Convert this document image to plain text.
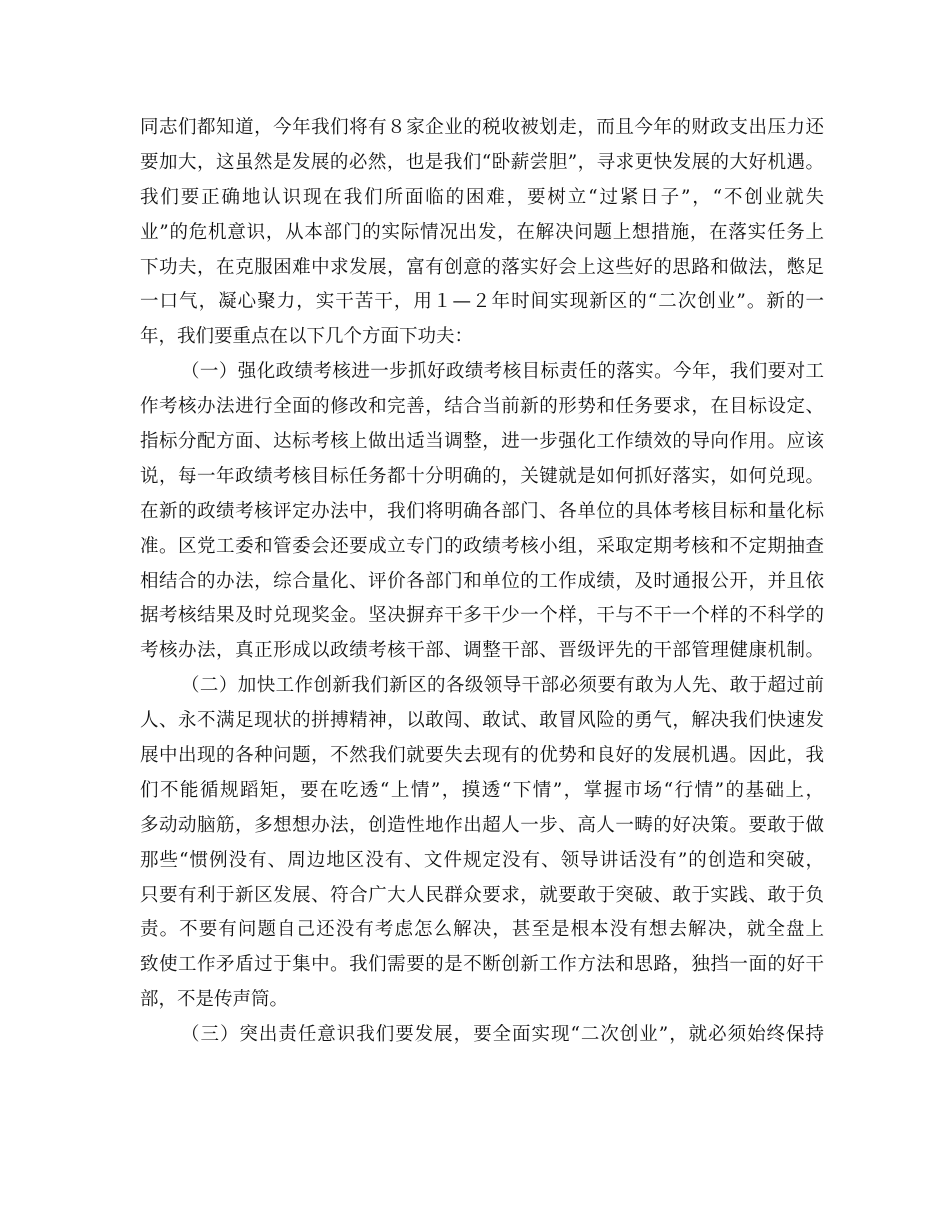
同志们都知道，今年我们将有８家企业的税收被划走，而且今年的财政支出压力还
要加大，这虽然是发展的必然，也是我们“卧薪尝胆”，寻求更快发展的大好机遇。
我们要正确地认识现在我们所面临的困难，要树立“过紧日子”，“不创业就失
业”的危机意识，从本部门的实际情况出发，在解决问题上想措施，在落实任务上
下功夫，在克服困难中求发展，富有创意的落实好会上这些好的思路和做法，憋足
一口气，凝心聚力，实干苦干，用１—２年时间实现新区的“二次创业”。新的一
年，我们要重点在以下几个方面下功夫：
（一）强化政绩考核进一步抓好政绩考核目标责任的落实。今年，我们要对工
作考核办法进行全面的修改和完善，结合当前新的形势和任务要求，在目标设定、
指标分配方面、达标考核上做出适当调整，进一步强化工作绩效的导向作用。应该
说，每一年政绩考核目标任务都十分明确的，关键就是如何抓好落实，如何兑现。
在新的政绩考核评定办法中，我们将明确各部门、各单位的具体考核目标和量化标
准。区党工委和管委会还要成立专门的政绩考核小组，采取定期考核和不定期抽查
相结合的办法，综合量化、评价各部门和单位的工作成绩，及时通报公开，并且依
据考核结果及时兑现奖金。坚决摒弃干多干少一个样，干与不干一个样的不科学的
考核办法，真正形成以政绩考核干部、调整干部、晋级评先的干部管理健康机制。
（二）加快工作创新我们新区的各级领导干部必须要有敢为人先、敢于超过前
人、永不满足现状的拼搏精神，以敢闯、敢试、敢冒风险的勇气，解决我们快速发
展中出现的各种问题，不然我们就要失去现有的优势和良好的发展机遇。因此，我
们不能循规蹈矩，要在吃透“上情”，摸透“下情”，掌握市场“行情”的基础上，
多动动脑筋，多想想办法，创造性地作出超人一步、高人一畴的好决策。要敢于做
那些“惯例没有、周边地区没有、文件规定没有、领导讲话没有”的创造和突破，
只要有利于新区发展、符合广大人民群众要求，就要敢于突破、敢于实践、敢于负
责。不要有问题自己还没有考虑怎么解决，甚至是根本没有想去解决，就全盘上
致使工作矛盾过于集中。我们需要的是不断创新工作方法和思路，独挡一面的好干
部，不是传声筒。
（三）突出责任意识我们要发展，要全面实现“二次创业”，就必须始终保持
